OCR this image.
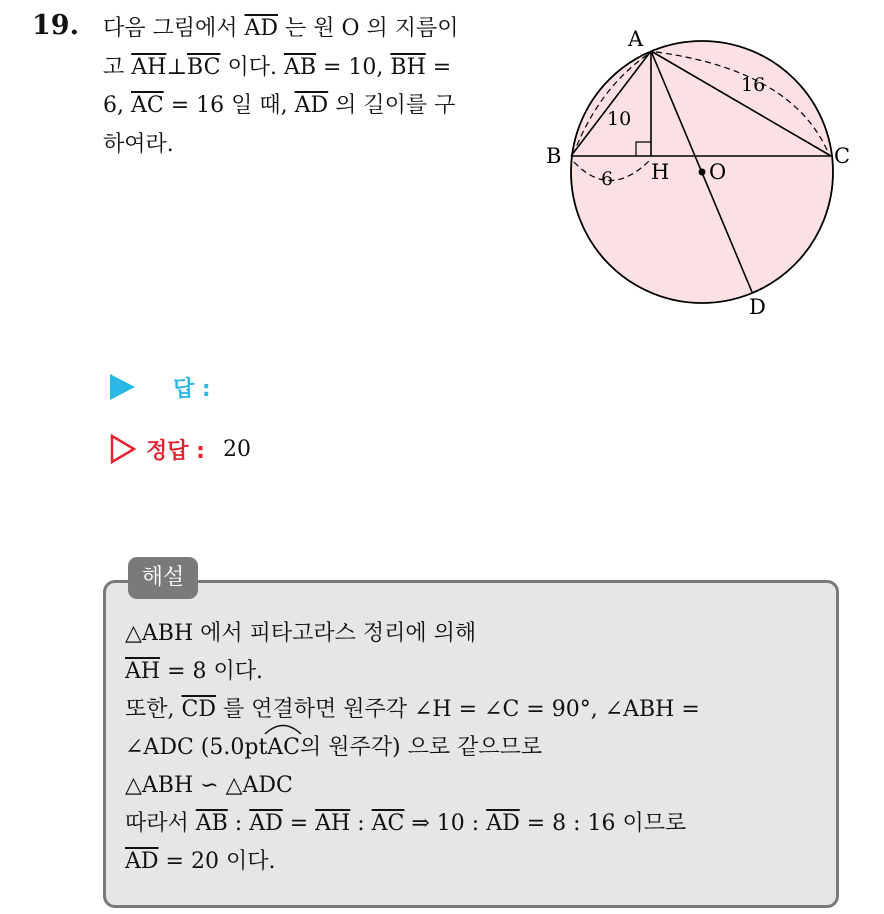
19. 다음 그림에서 $\overline{AD}$ 는 원 O 의 지름이
고 $\overline{AH}\perp\overline{BC}$ 이다. $\overline{AB} = 10$, $\overline{BH}$ =
6, $\overline{AC} = 16$ 일 때, $\overline{AD}$ 의 길이를 구
하여라.
A
B	C
H O
D
10
16
6
답 :
정답 : 20
해설
△ABH 에서 피타고라스 정리에 의해
$\overline{AH} = 8$ 이다.
또한, $\overline{CD}$ 를 연결하면 원주각 ∠H = ∠C = 90°, ∠ABH =
∠ADC (5.0pt
AC의 원주각) 으로 같으므로
△ABH ∽ △ADC
따라서 $\overline{AB}$ : $\overline{AD} = \overline{AH}$ : $\overline{AC}$ ⇒ 10 : $\overline{AD} = 8$ : 16 이므로
$\overline{AD} = 20$ 이다.
